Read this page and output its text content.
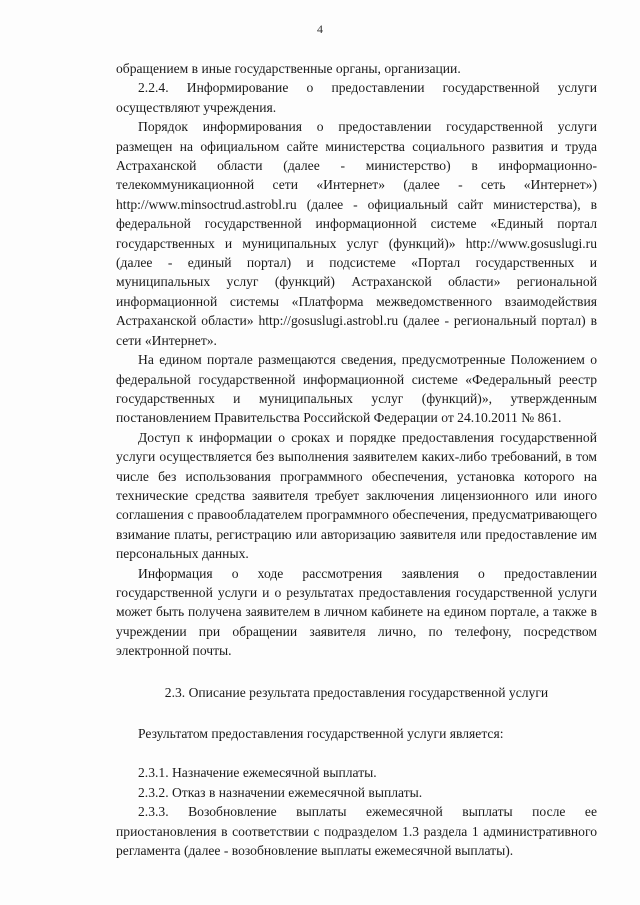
4

обращением в иные государственные органы, организации.

2.2.4. Информирование о предоставлении государственной услуги осуществляют учреждения.

Порядок информирования о предоставлении государственной услуги размещен на официальном сайте министерства социального развития и труда Астраханской области (далее - министерство) в информационно-телекоммуникационной сети «Интернет» (далее - сеть «Интернет») http://www.minsoctrud.astrobl.ru (далее - официальный сайт министерства), в федеральной государственной информационной системе «Единый портал государственных и муниципальных услуг (функций)» http://www.gosuslugi.ru (далее - единый портал) и подсистеме «Портал государственных и муниципальных услуг (функций) Астраханской области» региональной информационной системы «Платформа межведомственного взаимодействия Астраханской области» http://gosuslugi.astrobl.ru (далее - региональный портал) в сети «Интернет».

На едином портале размещаются сведения, предусмотренные Положением о федеральной государственной информационной системе «Федеральный реестр государственных и муниципальных услуг (функций)», утвержденным постановлением Правительства Российской Федерации от 24.10.2011 № 861.

Доступ к информации о сроках и порядке предоставления государственной услуги осуществляется без выполнения заявителем каких-либо требований, в том числе без использования программного обеспечения, установка которого на технические средства заявителя требует заключения лицензионного или иного соглашения с правообладателем программного обеспечения, предусматривающего взимание платы, регистрацию или авторизацию заявителя или предоставление им персональных данных.

Информация о ходе рассмотрения заявления о предоставлении государственной услуги и о результатах предоставления государственной услуги может быть получена заявителем в личном кабинете на едином портале, а также в учреждении при обращении заявителя лично, по телефону, посредством электронной почты.

2.3. Описание результата предоставления государственной услуги

Результатом предоставления государственной услуги является:

2.3.1. Назначение ежемесячной выплаты.

2.3.2. Отказ в назначении ежемесячной выплаты.

2.3.3. Возобновление выплаты ежемесячной выплаты после ее приостановления в соответствии с подразделом 1.3 раздела 1 административного регламента (далее - возобновление выплаты ежемесячной выплаты).
